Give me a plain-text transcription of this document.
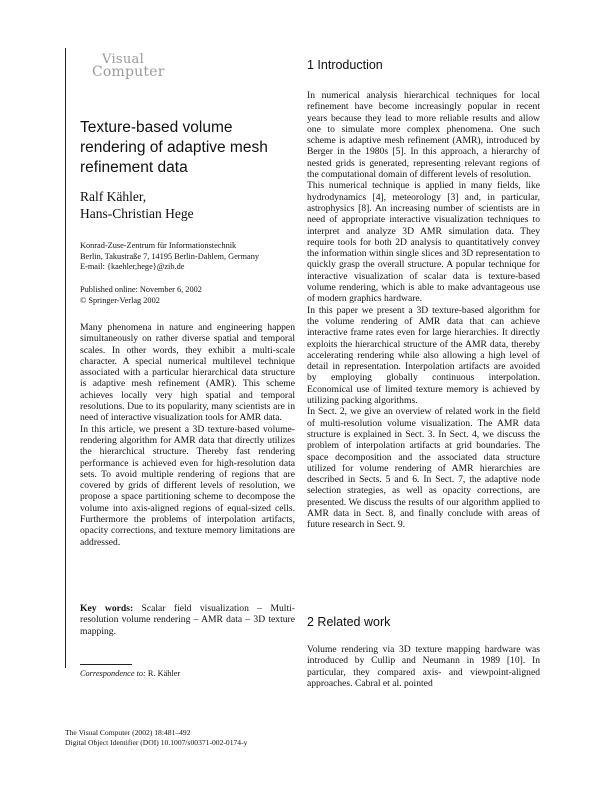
Visual
Computer
Texture-based volume rendering of adaptive mesh refinement data
Ralf Kähler,
Hans-Christian Hege
Konrad-Zuse-Zentrum für Informationstechnik
Berlin, Takustraße 7, 14195 Berlin-Dahlem, Germany
E-mail: {kaehler,hege}@zib.de
Published online: November 6, 2002
© Springer-Verlag 2002

Many phenomena in nature and engineering happen simultaneously on rather diverse spatial and temporal scales. In other words, they exhibit a multi-scale character. A special numerical multilevel technique associated with a particular hierarchical data structure is adaptive mesh refinement (AMR). This scheme achieves locally very high spatial and temporal resolutions. Due to its popularity, many scientists are in need of interactive visualization tools for AMR data.

In this article, we present a 3D texture-based volume-rendering algorithm for AMR data that directly utilizes the hierarchical structure. Thereby fast rendering performance is achieved even for high-resolution data sets. To avoid multiple rendering of regions that are covered by grids of different levels of resolution, we propose a space partitioning scheme to decompose the volume into axis-aligned regions of equal-sized cells. Furthermore the problems of interpolation artifacts, opacity corrections, and texture memory limitations are addressed.

Key words: Scalar field visualization – Multi-resolution volume rendering – AMR data – 3D texture mapping.
Correspondence to: R. Kähler
The Visual Computer (2002) 18:481–492
Digital Object Identifier (DOI) 10.1007/s00371-002-0174-y
1 Introduction

In numerical analysis hierarchical techniques for local refinement have become increasingly popular in recent years because they lead to more reliable results and allow one to simulate more complex phenomena. One such scheme is adaptive mesh refinement (AMR), introduced by Berger in the 1980s [5]. In this approach, a hierarchy of nested grids is generated, representing relevant regions of the computational domain of different levels of resolution.

This numerical technique is applied in many fields, like hydrodynamics [4], meteorology [3] and, in particular, astrophysics [8]. An increasing number of scientists are in need of appropriate interactive visualization techniques to interpret and analyze 3D AMR simulation data. They require tools for both 2D analysis to quantitatively convey the information within single slices and 3D representation to quickly grasp the overall structure. A popular technique for interactive visualization of scalar data is texture-based volume rendering, which is able to make advantageous use of modern graphics hardware.

In this paper we present a 3D texture-based algorithm for the volume rendering of AMR data that can achieve interactive frame rates even for large hierarchies. It directly exploits the hierarchical structure of the AMR data, thereby accelerating rendering while also allowing a high level of detail in representation. Interpolation artifacts are avoided by employing globally continuous interpolation. Economical use of limited texture memory is achieved by utilizing packing algorithms.

In Sect. 2, we give an overview of related work in the field of multi-resolution volume visualization. The AMR data structure is explained in Sect. 3. In Sect. 4, we discuss the problem of interpolation artifacts at grid boundaries. The space decomposition and the associated data structure utilized for volume rendering of AMR hierarchies are described in Sects. 5 and 6. In Sect. 7, the adaptive node selection strategies, as well as opacity corrections, are presented. We discuss the results of our algorithm applied to AMR data in Sect. 8, and finally conclude with areas of future research in Sect. 9.

2 Related work

Volume rendering via 3D texture mapping hardware was introduced by Cullip and Neumann in 1989 [10]. In particular, they compared axis- and viewpoint-aligned approaches. Cabral et al. pointed
